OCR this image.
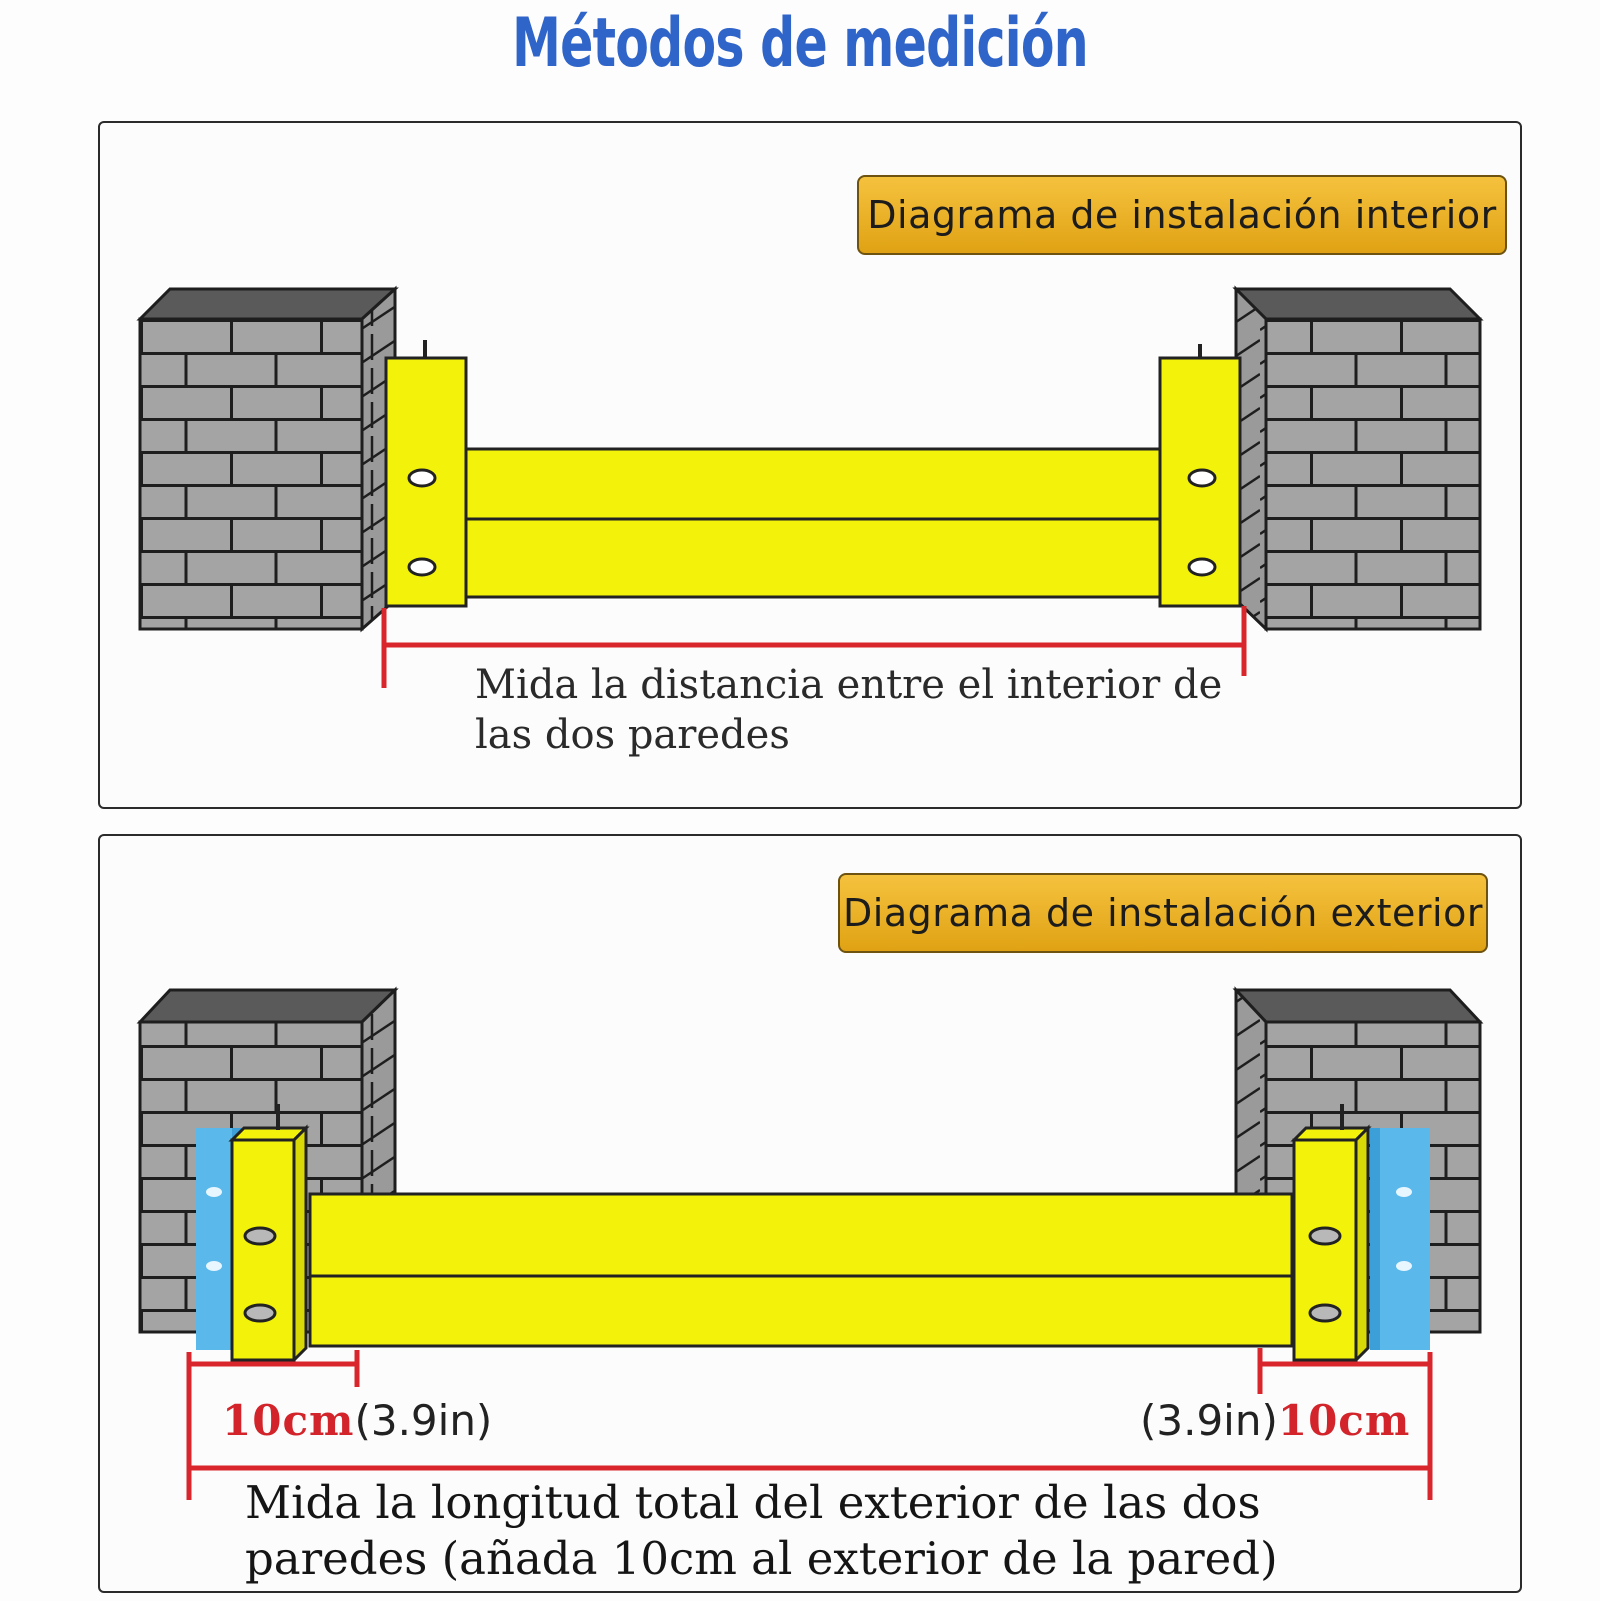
Métodos de medición
Diagrama de instalación interior
Diagrama de instalación exterior
Mida la distancia entre el interior de
las dos paredes
10cm(3.9in)	(3.9in)10cm
Mida la longitud total del exterior de las dos
paredes (añada 10cm al exterior de la pared)
